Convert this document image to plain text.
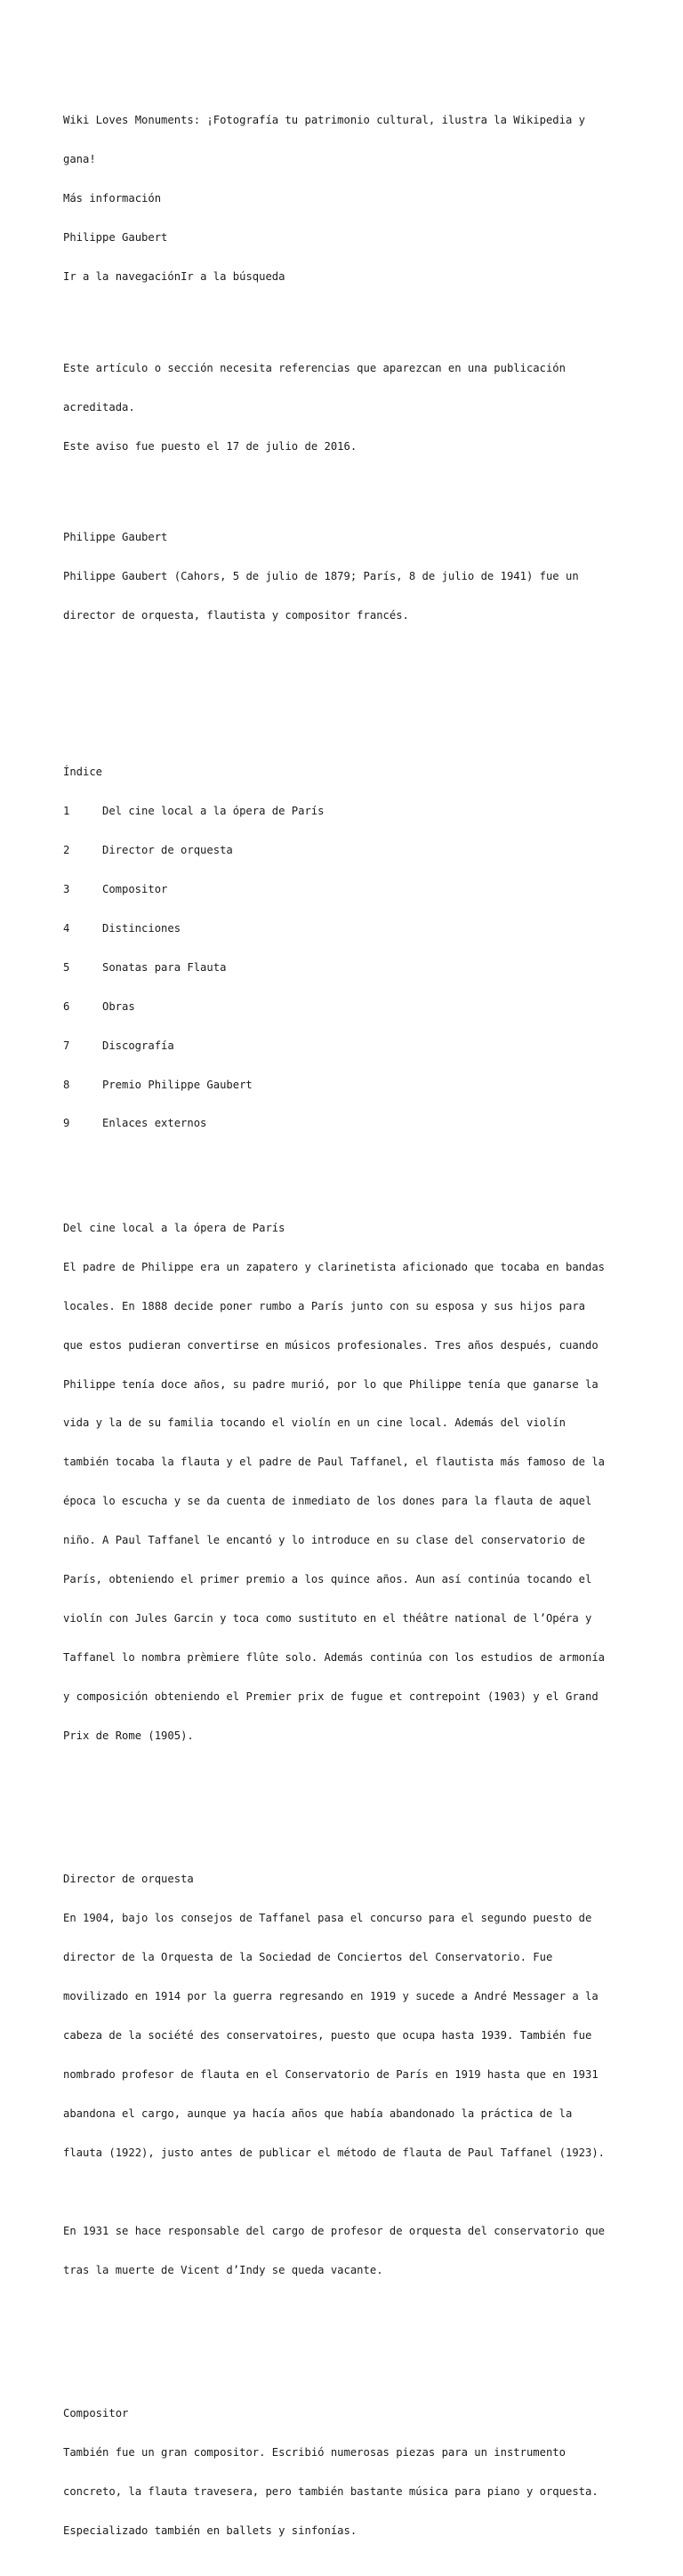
Wiki Loves Monuments: ¡Fotografía tu patrimonio cultural, ilustra la Wikipedia y

gana!

Más información

Philippe Gaubert

Ir a la navegaciónIr a la búsqueda

Este artículo o sección necesita referencias que aparezcan en una publicación

acreditada.

Este aviso fue puesto el 17 de julio de 2016.

Philippe Gaubert

Philippe Gaubert (Cahors, 5 de julio de 1879; París, 8 de julio de 1941) fue un

director de orquesta, flautista y compositor francés.

Índice

1	Del cine local a la ópera de París

2	Director de orquesta

3	Compositor

4	Distinciones

5	Sonatas para Flauta

6	Obras

7	Discografía

8	Premio Philippe Gaubert

9	Enlaces externos

Del cine local a la ópera de París

El padre de Philippe era un zapatero y clarinetista aficionado que tocaba en bandas

locales. En 1888 decide poner rumbo a París junto con su esposa y sus hijos para

que estos pudieran convertirse en músicos profesionales. Tres años después, cuando

Philippe tenía doce años, su padre murió, por lo que Philippe tenía que ganarse la

vida y la de su familia tocando el violín en un cine local. Además del violín

también tocaba la flauta y el padre de Paul Taffanel, el flautista más famoso de la

época lo escucha y se da cuenta de inmediato de los dones para la flauta de aquel

niño. A Paul Taffanel le encantó y lo introduce en su clase del conservatorio de

París, obteniendo el primer premio a los quince años. Aun así continúa tocando el

violín con Jules Garcin y toca como sustituto en el théâtre national de l’Opéra y

Taffanel lo nombra prèmiere flûte solo. Además continúa con los estudios de armonía

y composición obteniendo el Premier prix de fugue et contrepoint (1903) y el Grand

Prix de Rome (1905).

Director de orquesta

En 1904, bajo los consejos de Taffanel pasa el concurso para el segundo puesto de

director de la Orquesta de la Sociedad de Conciertos del Conservatorio. Fue

movilizado en 1914 por la guerra regresando en 1919 y sucede a André Messager a la

cabeza de la société des conservatoires, puesto que ocupa hasta 1939. También fue

nombrado profesor de flauta en el Conservatorio de París en 1919 hasta que en 1931

abandona el cargo, aunque ya hacía años que había abandonado la práctica de la

flauta (1922), justo antes de publicar el método de flauta de Paul Taffanel (1923).

En 1931 se hace responsable del cargo de profesor de orquesta del conservatorio que

tras la muerte de Vicent d’Indy se queda vacante.

Compositor

También fue un gran compositor. Escribió numerosas piezas para un instrumento

concreto, la flauta travesera, pero también bastante música para piano y orquesta.

Especializado también en ballets y sinfonías.
